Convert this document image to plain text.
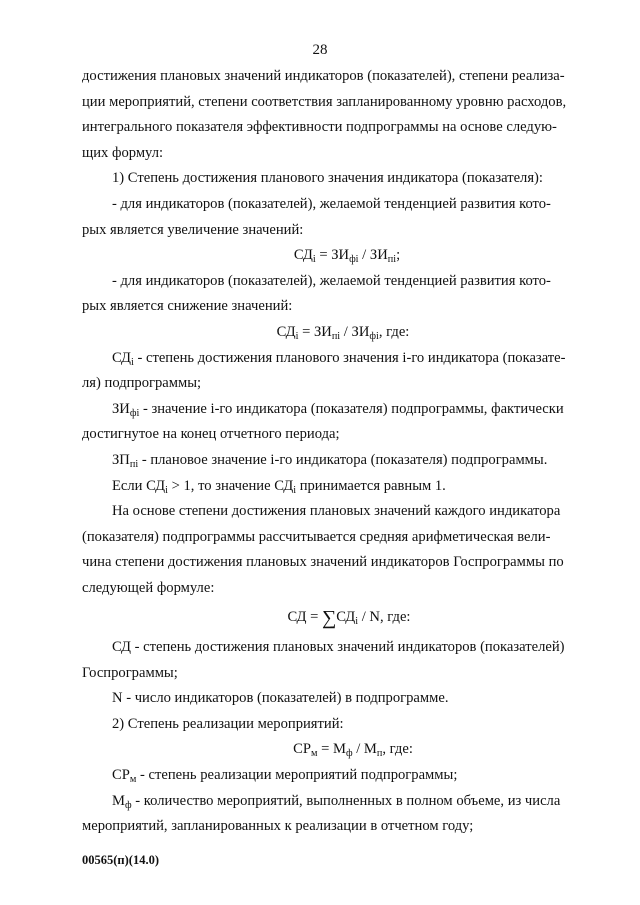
28

достижения плановых значений индикаторов (показателей), степени реализа-

ции мероприятий, степени соответствия запланированному уровню расходов,

интегрального показателя эффективности подпрограммы на основе следую-

щих формул:

1) Степень достижения планового значения индикатора (показателя):

- для индикаторов (показателей), желаемой тенденцией развития кото-

рых является увеличение значений:

$СД_i = ЗИ_{фi} / ЗИ_{пi}$;

- для индикаторов (показателей), желаемой тенденцией развития кото-

рых является снижение значений:

$СД_i = ЗИ_{пi} / ЗИ_{фi}$, где:

$СД_i$ - степень достижения планового значения i-го индикатора (показате-

ля) подпрограммы;

$ЗИ_{фi}$ - значение i-го индикатора (показателя) подпрограммы, фактически

достигнутое на конец отчетного периода;

$ЗП_{пi}$ - плановое значение i-го индикатора (показателя) подпрограммы.

Если $СД_i > 1$, то значение $СД_i$ принимается равным 1.

На основе степени достижения плановых значений каждого индикатора

(показателя) подпрограммы рассчитывается средняя арифметическая вели-

чина степени достижения плановых значений индикаторов Госпрограммы по

следующей формуле:

СД = $\sum СД_i$ / N, где:

СД - степень достижения плановых значений индикаторов (показателей)

Госпрограммы;

N - число индикаторов (показателей) в подпрограмме.

2) Степень реализации мероприятий:

$СР_м = М_ф / М_п$, где:

$СР_м$ - степень реализации мероприятий подпрограммы;

$М_ф$ - количество мероприятий, выполненных в полном объеме, из числа

мероприятий, запланированных к реализации в отчетном году;

00565(п)(14.0)
